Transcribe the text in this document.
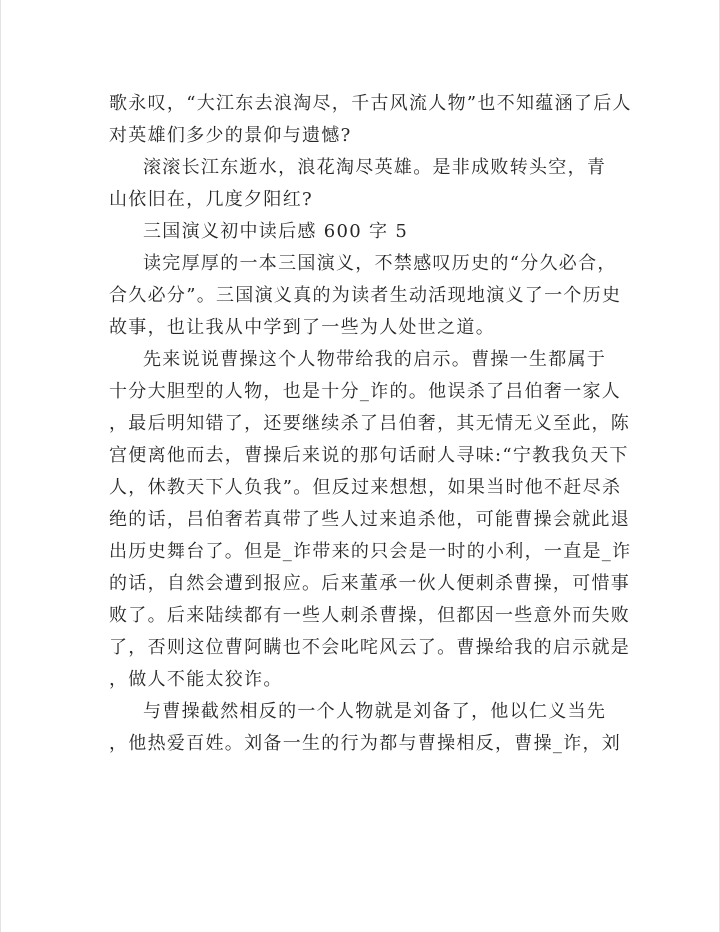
歌永叹，“大江东去浪淘尽，千古风流人物”也不知蕴涵了后人
对英雄们多少的景仰与遗憾?
滚滚长江东逝水，浪花淘尽英雄。是非成败转头空，青
山依旧在，几度夕阳红?
三国演义初中读后感 600 字 5
读完厚厚的一本三国演义，不禁感叹历史的“分久必合，
合久必分”。三国演义真的为读者生动活现地演义了一个历史
故事，也让我从中学到了一些为人处世之道。
先来说说曹操这个人物带给我的启示。曹操一生都属于
十分大胆型的人物，也是十分_诈的。他误杀了吕伯奢一家人
，最后明知错了，还要继续杀了吕伯奢，其无情无义至此，陈
宫便离他而去，曹操后来说的那句话耐人寻味:“宁教我负天下
人，休教天下人负我”。但反过来想想，如果当时他不赶尽杀
绝的话，吕伯奢若真带了些人过来追杀他，可能曹操会就此退
出历史舞台了。但是_诈带来的只会是一时的小利，一直是_诈
的话，自然会遭到报应。后来董承一伙人便刺杀曹操，可惜事
败了。后来陆续都有一些人刺杀曹操，但都因一些意外而失败
了，否则这位曹阿瞒也不会叱咤风云了。曹操给我的启示就是
，做人不能太狡诈。
与曹操截然相反的一个人物就是刘备了，他以仁义当先
，他热爱百姓。刘备一生的行为都与曹操相反，曹操_诈，刘
